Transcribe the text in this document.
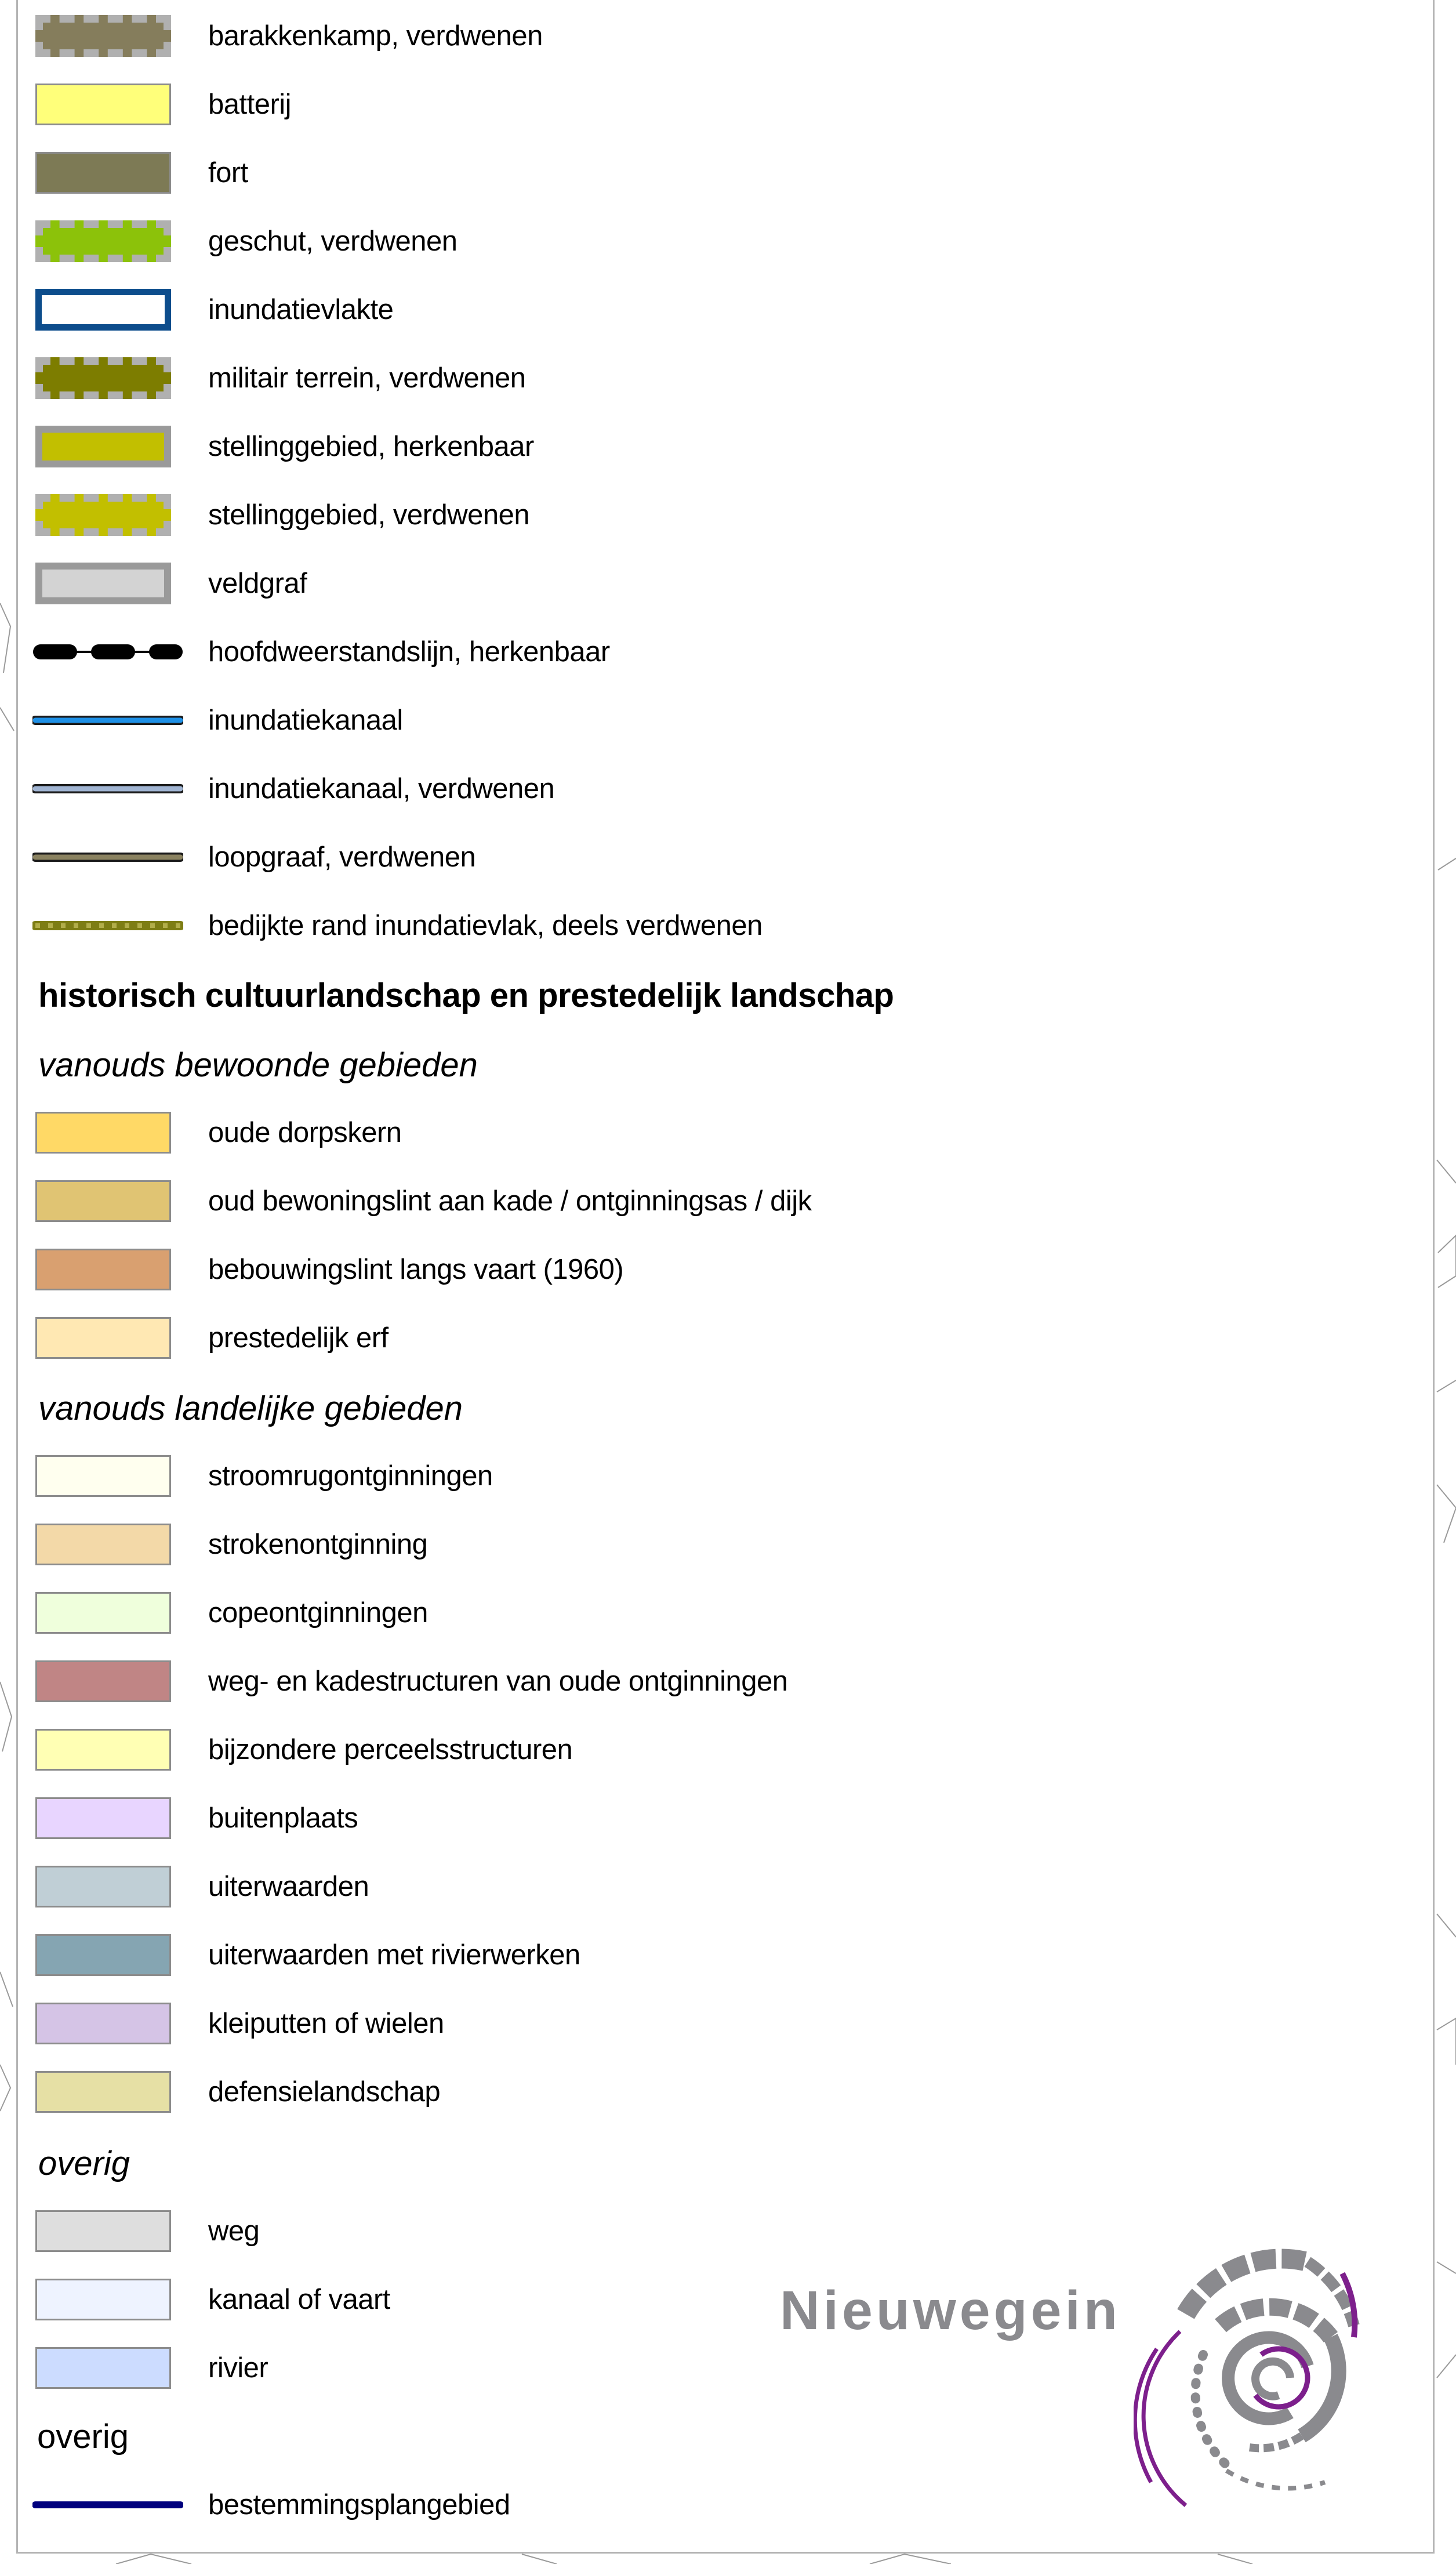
barakkenkamp, verdwenen
batterij
fort
geschut, verdwenen
inundatievlakte
militair terrein, verdwenen
stellinggebied, herkenbaar
stellinggebied, verdwenen
veldgraf
hoofdweerstandslijn, herkenbaar
inundatiekanaal
inundatiekanaal, verdwenen
loopgraaf, verdwenen
bedijkte rand inundatievlak, deels verdwenen
historisch cultuurlandschap en prestedelijk landschap
vanouds bewoonde gebieden
oude dorpskern
oud bewoningslint aan kade / ontginningsas / dijk
bebouwingslint langs vaart (1960)
prestedelijk erf
vanouds landelijke gebieden
stroomrugontginningen
strokenontginning
copeontginningen
weg- en kadestructuren van oude ontginningen
bijzondere perceelsstructuren
buitenplaats
uiterwaarden
uiterwaarden met rivierwerken
kleiputten of wielen
defensielandschap
overig
weg
kanaal of vaart
rivier
overig
bestemmingsplangebied
Nieuwegein
